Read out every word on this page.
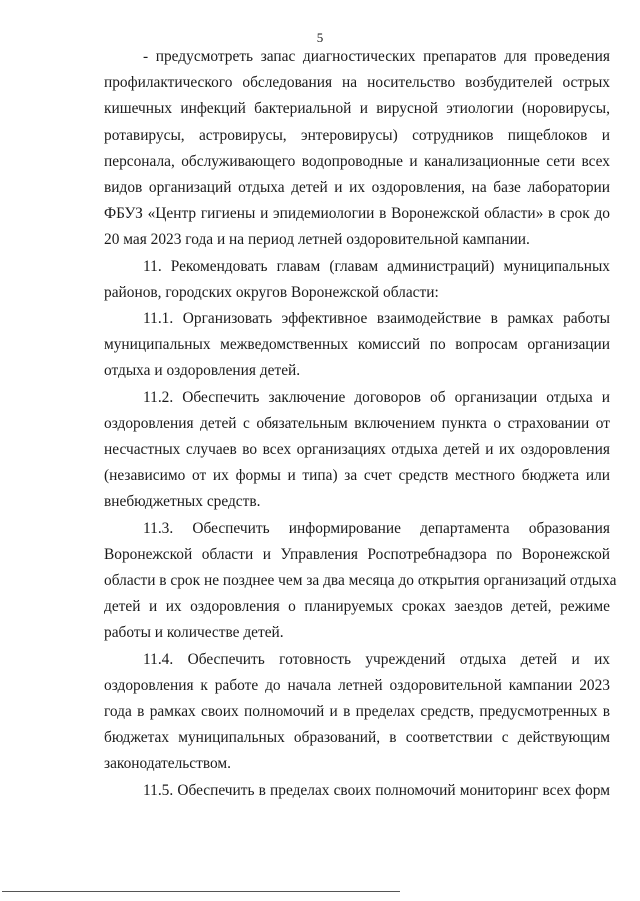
5
- предусмотреть запас диагностических препаратов для проведения
профилактического обследования на носительство возбудителей острых
кишечных инфекций бактериальной и вирусной этиологии (норовирусы,
ротавирусы, астровирусы, энтеровирусы) сотрудников пищеблоков и
персонала, обслуживающего водопроводные и канализационные сети всех
видов организаций отдыха детей и их оздоровления, на базе лаборатории
ФБУЗ «Центр гигиены и эпидемиологии в Воронежской области» в срок до
20 мая 2023 года и на период летней оздоровительной кампании.
11. Рекомендовать главам (главам администраций) муниципальных
районов, городских округов Воронежской области:
11.1. Организовать эффективное взаимодействие в рамках работы
муниципальных межведомственных комиссий по вопросам организации
отдыха и оздоровления детей.
11.2. Обеспечить заключение договоров об организации отдыха и
оздоровления детей с обязательным включением пункта о страховании от
несчастных случаев во всех организациях отдыха детей и их оздоровления
(независимо от их формы и типа) за счет средств местного бюджета или
внебюджетных средств.
11.3. Обеспечить информирование департамента образования
Воронежской области и Управления Роспотребнадзора по Воронежской
области в срок не позднее чем за два месяца до открытия организаций отдыха
детей и их оздоровления о планируемых сроках заездов детей, режиме
работы и количестве детей.
11.4. Обеспечить готовность учреждений отдыха детей и их
оздоровления к работе до начала летней оздоровительной кампании 2023
года в рамках своих полномочий и в пределах средств, предусмотренных в
бюджетах муниципальных образований, в соответствии с действующим
законодательством.
11.5. Обеспечить в пределах своих полномочий мониторинг всех форм
